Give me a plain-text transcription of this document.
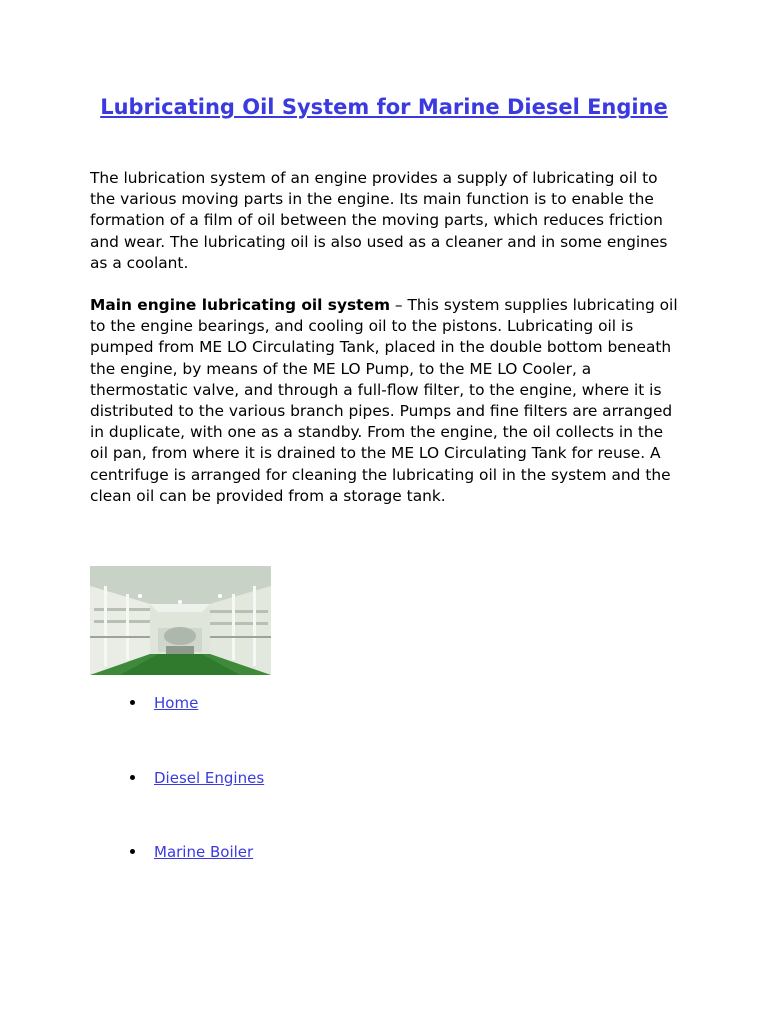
Lubricating Oil System for Marine Diesel Engine

The lubrication system of an engine provides a supply of lubricating oil to the various moving parts in the engine. Its main function is to enable the formation of a film of oil between the moving parts, which reduces friction and wear. The lubricating oil is also used as a cleaner and in some engines as a coolant.

Main engine lubricating oil system – This system supplies lubricating oil to the engine bearings, and cooling oil to the pistons. Lubricating oil is pumped from ME LO Circulating Tank, placed in the double bottom beneath the engine, by means of the ME LO Pump, to the ME LO Cooler, a thermostatic valve, and through a full-flow filter, to the engine, where it is distributed to the various branch pipes. Pumps and fine filters are arranged in duplicate, with one as a standby. From the engine, the oil collects in the oil pan, from where it is drained to the ME LO Circulating Tank for reuse. A centrifuge is arranged for cleaning the lubricating oil in the system and the clean oil can be provided from a storage tank.

Home
Diesel Engines
Marine Boiler
